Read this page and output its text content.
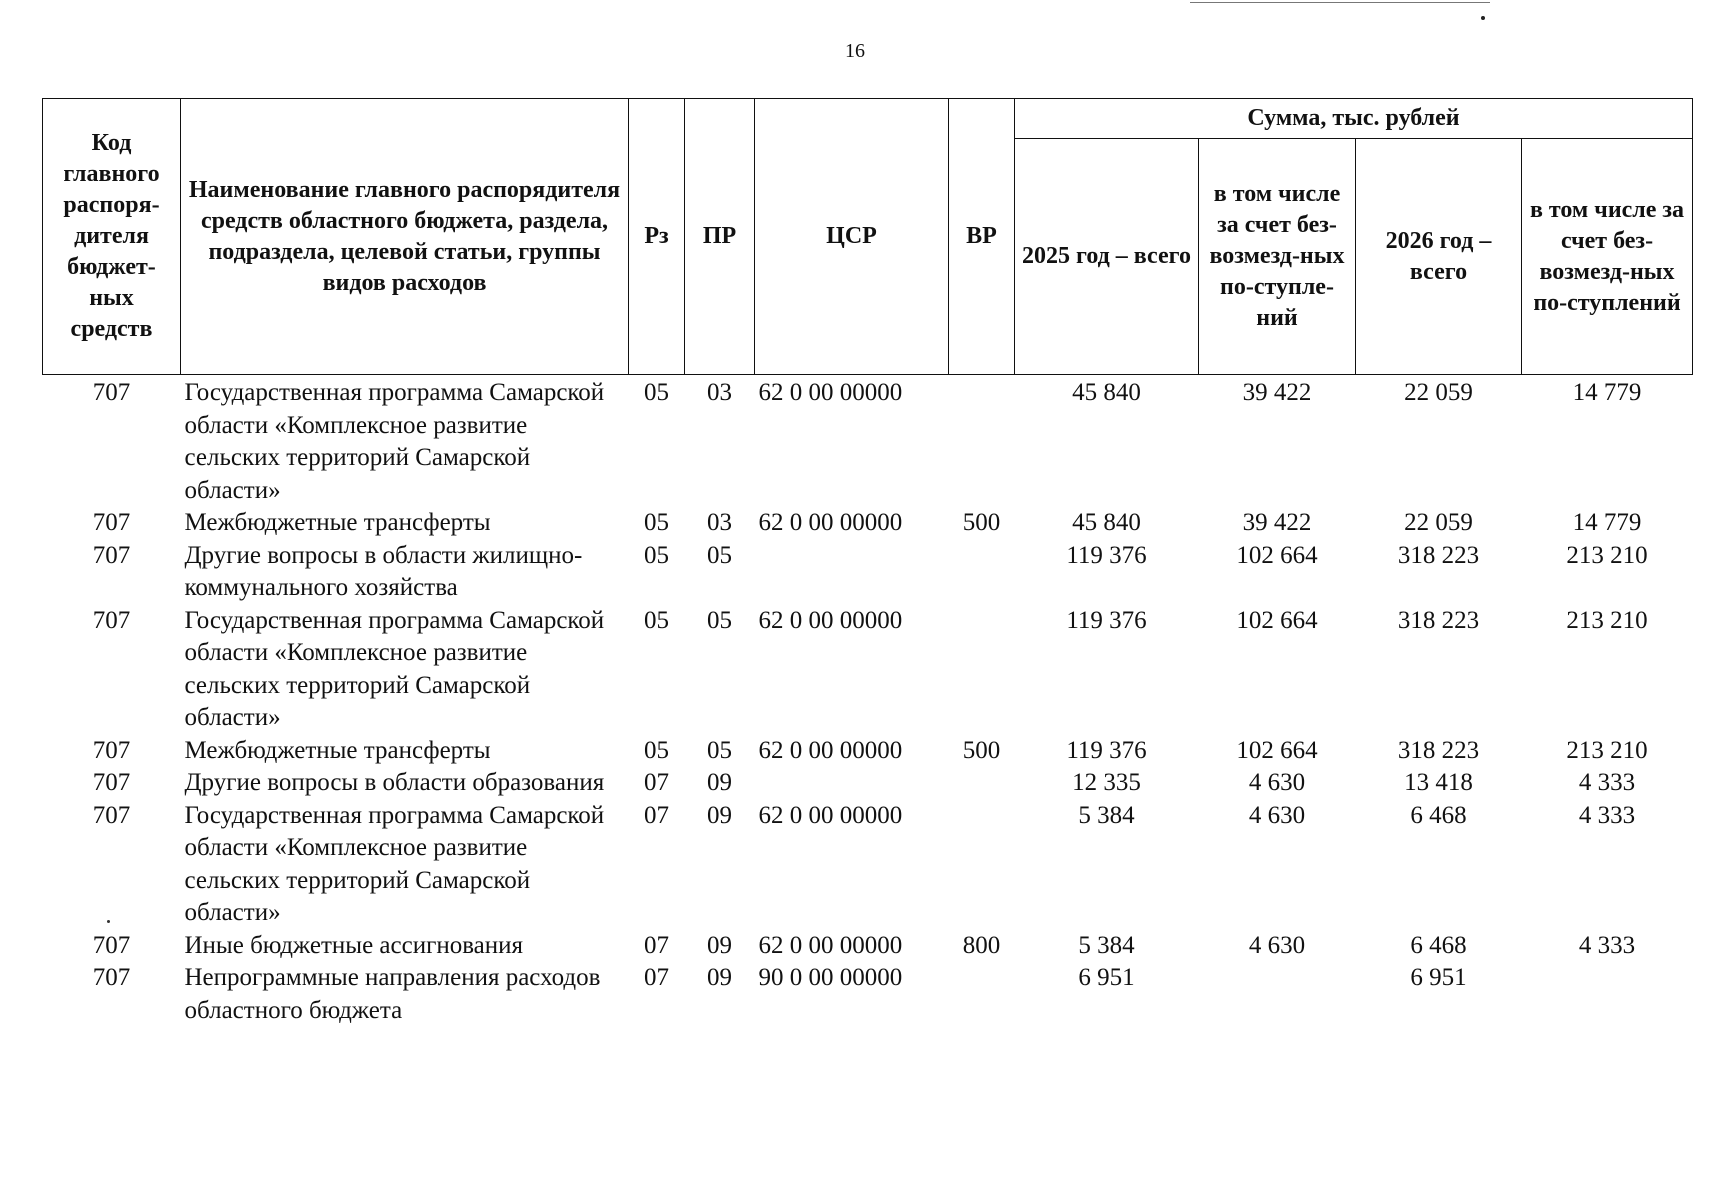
16
Код главного распоря-дителя бюджет-ных средств	Наименование главного распорядителя средств областного бюджета, раздела, подраздела, целевой статьи, группы видов расходов	Рз	ПР	ЦСР	ВР	Сумма, тыс. рублей			
						2025 год – всего	в том числе за счет без-возмезд-ных по-ступле-ний	2026 год – всего	в том числе за счет без-возмезд-ных по-ступлений
707	Государственная программа Самарской области «Комплексное развитие сельских территорий Самарской области»	05	03	62 0 00 00000		45 840	39 422	22 059	14 779
707	Межбюджетные трансферты	05	03	62 0 00 00000	500	45 840	39 422	22 059	14 779
707	Другие вопросы в области жилищно-коммунального хозяйства	05	05			119 376	102 664	318 223	213 210
707	Государственная программа Самарской области «Комплексное развитие сельских территорий Самарской области»	05	05	62 0 00 00000		119 376	102 664	318 223	213 210
707	Межбюджетные трансферты	05	05	62 0 00 00000	500	119 376	102 664	318 223	213 210
707	Другие вопросы в области образования	07	09			12 335	4 630	13 418	4 333
707	Государственная программа Самарской области «Комплексное развитие сельских территорий Самарской области»	07	09	62 0 00 00000		5 384	4 630	6 468	4 333
707	Иные бюджетные ассигнования	07	09	62 0 00 00000	800	5 384	4 630	6 468	4 333
707	Непрограммные направления расходов областного бюджета	07	09	90 0 00 00000		6 951		6 951	
